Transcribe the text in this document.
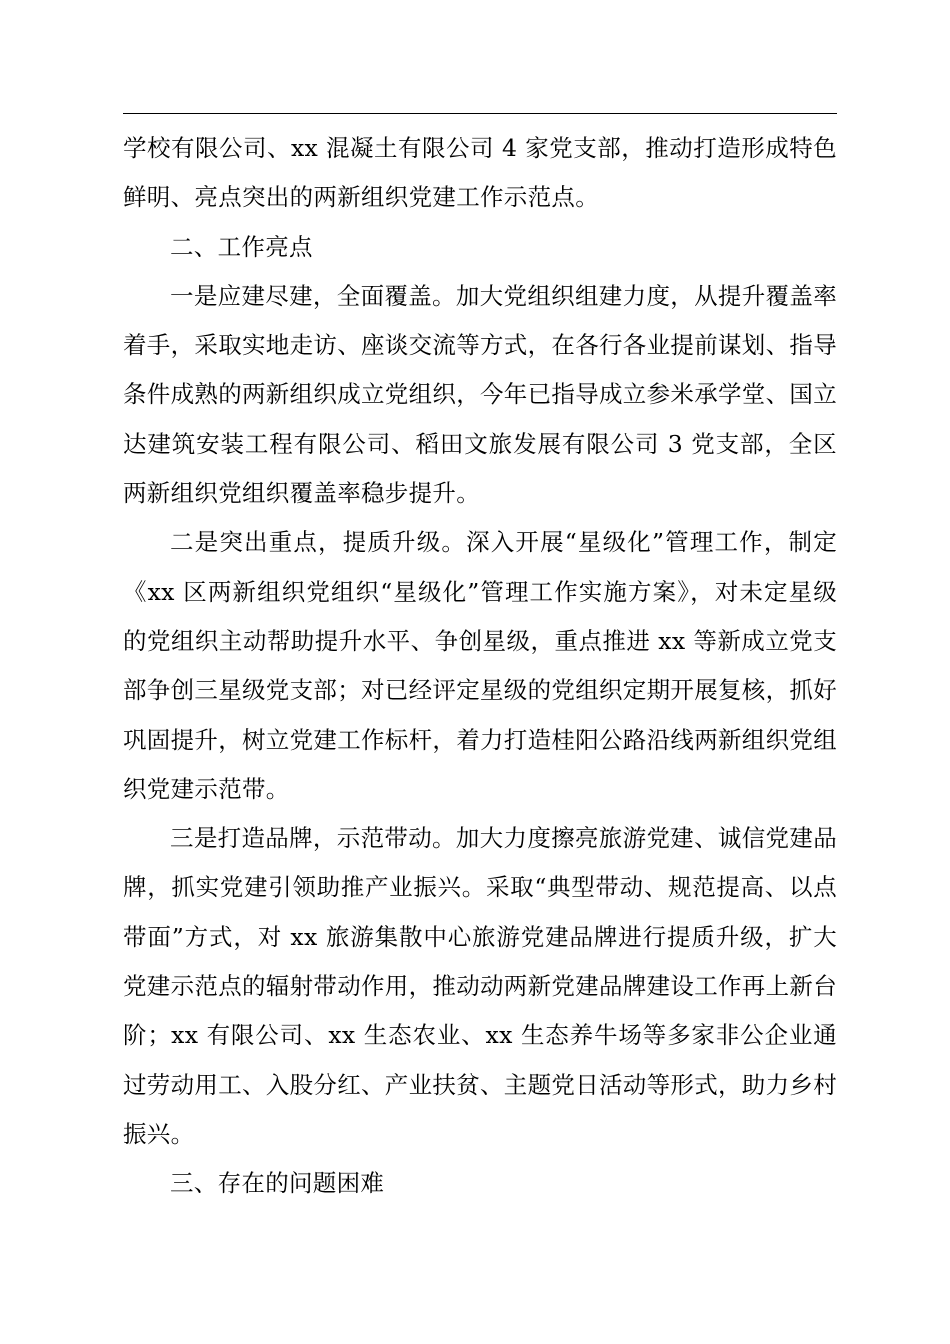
学校有限公司、xx 混凝土有限公司 4 家党支部，推动打造形成特色鲜明、亮点突出的两新组织党建工作示范点。

二、工作亮点

一是应建尽建，全面覆盖。加大党组织组建力度，从提升覆盖率着手，采取实地走访、座谈交流等方式，在各行各业提前谋划、指导条件成熟的两新组织成立党组织，今年已指导成立参米承学堂、国立达建筑安装工程有限公司、稻田文旅发展有限公司 3 党支部，全区两新组织党组织覆盖率稳步提升。

二是突出重点，提质升级。深入开展“星级化”管理工作，制定《xx 区两新组织党组织“星级化”管理工作实施方案》，对未定星级的党组织主动帮助提升水平、争创星级，重点推进 xx 等新成立党支部争创三星级党支部；对已经评定星级的党组织定期开展复核，抓好巩固提升，树立党建工作标杆，着力打造桂阳公路沿线两新组织党组织党建示范带。

三是打造品牌，示范带动。加大力度擦亮旅游党建、诚信党建品牌，抓实党建引领助推产业振兴。采取“典型带动、规范提高、以点带面”方式，对 xx 旅游集散中心旅游党建品牌进行提质升级，扩大党建示范点的辐射带动作用，推动动两新党建品牌建设工作再上新台阶；xx 有限公司、xx 生态农业、xx 生态养牛场等多家非公企业通过劳动用工、入股分红、产业扶贫、主题党日活动等形式，助力乡村振兴。

三、存在的问题困难
